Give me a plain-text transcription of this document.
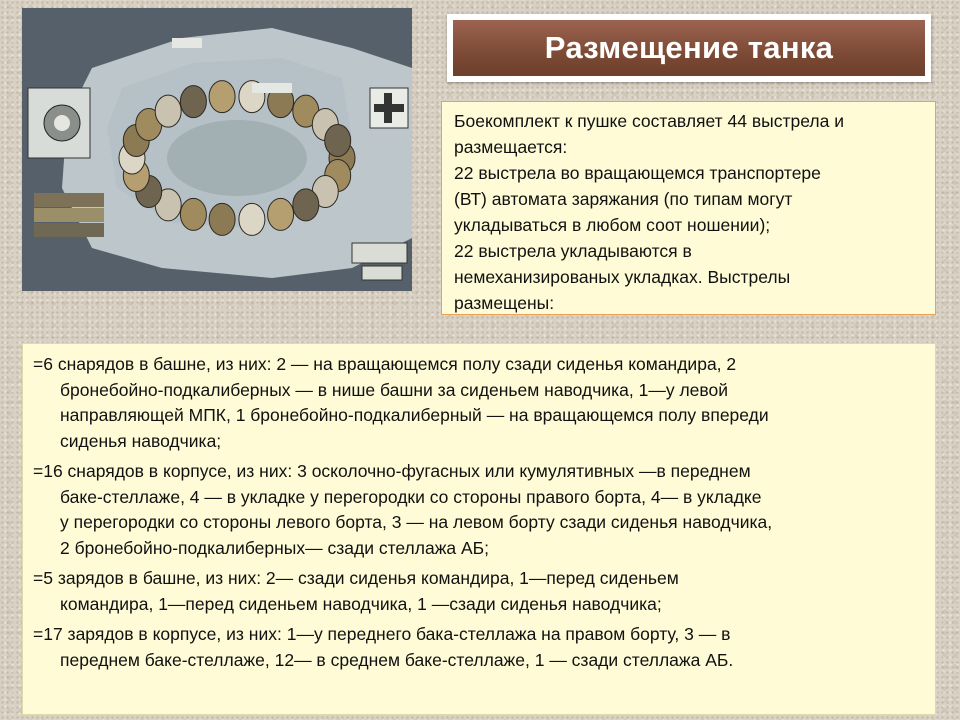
Размещение танка
Боекомплект к пушке составляет 44 выстрела и
размещается:
22 выстрела во вращающемся транспортере
(ВТ) автомата заряжания (по типам могут
укладываться в любом соот ношении);
22 выстрела укладываются в
немеханизированых укладках. Выстрелы
размещены:
=6 снарядов в башне, из них: 2 — на вращающемся полу сзади сиденья командира, 2
бронебойно-подкалиберных — в нише башни за сиденьем наводчика, 1—у левой
направляющей МПК, 1 бронебойно-подкалиберный — на вращающемся полу впереди
сиденья наводчика;
=16 снарядов в корпусе, из них: 3 осколочно-фугасных или кумулятивных —в переднем
баке-стеллаже, 4 — в укладке у перегородки со стороны правого борта, 4— в укладке
у перегородки со стороны левого борта, 3 — на левом борту сзади сиденья наводчика,
2 бронебойно-подкалиберных— сзади стеллажа АБ;
=5 зарядов в башне, из них: 2— сзади сиденья командира, 1—перед сиденьем
командира, 1—перед сиденьем наводчика, 1 —сзади сиденья наводчика;
=17 зарядов в корпусе, из них: 1—у переднего бака-стеллажа на правом борту, 3 — в
переднем баке-стеллаже, 12— в среднем баке-стеллаже, 1 — сзади стеллажа АБ.
